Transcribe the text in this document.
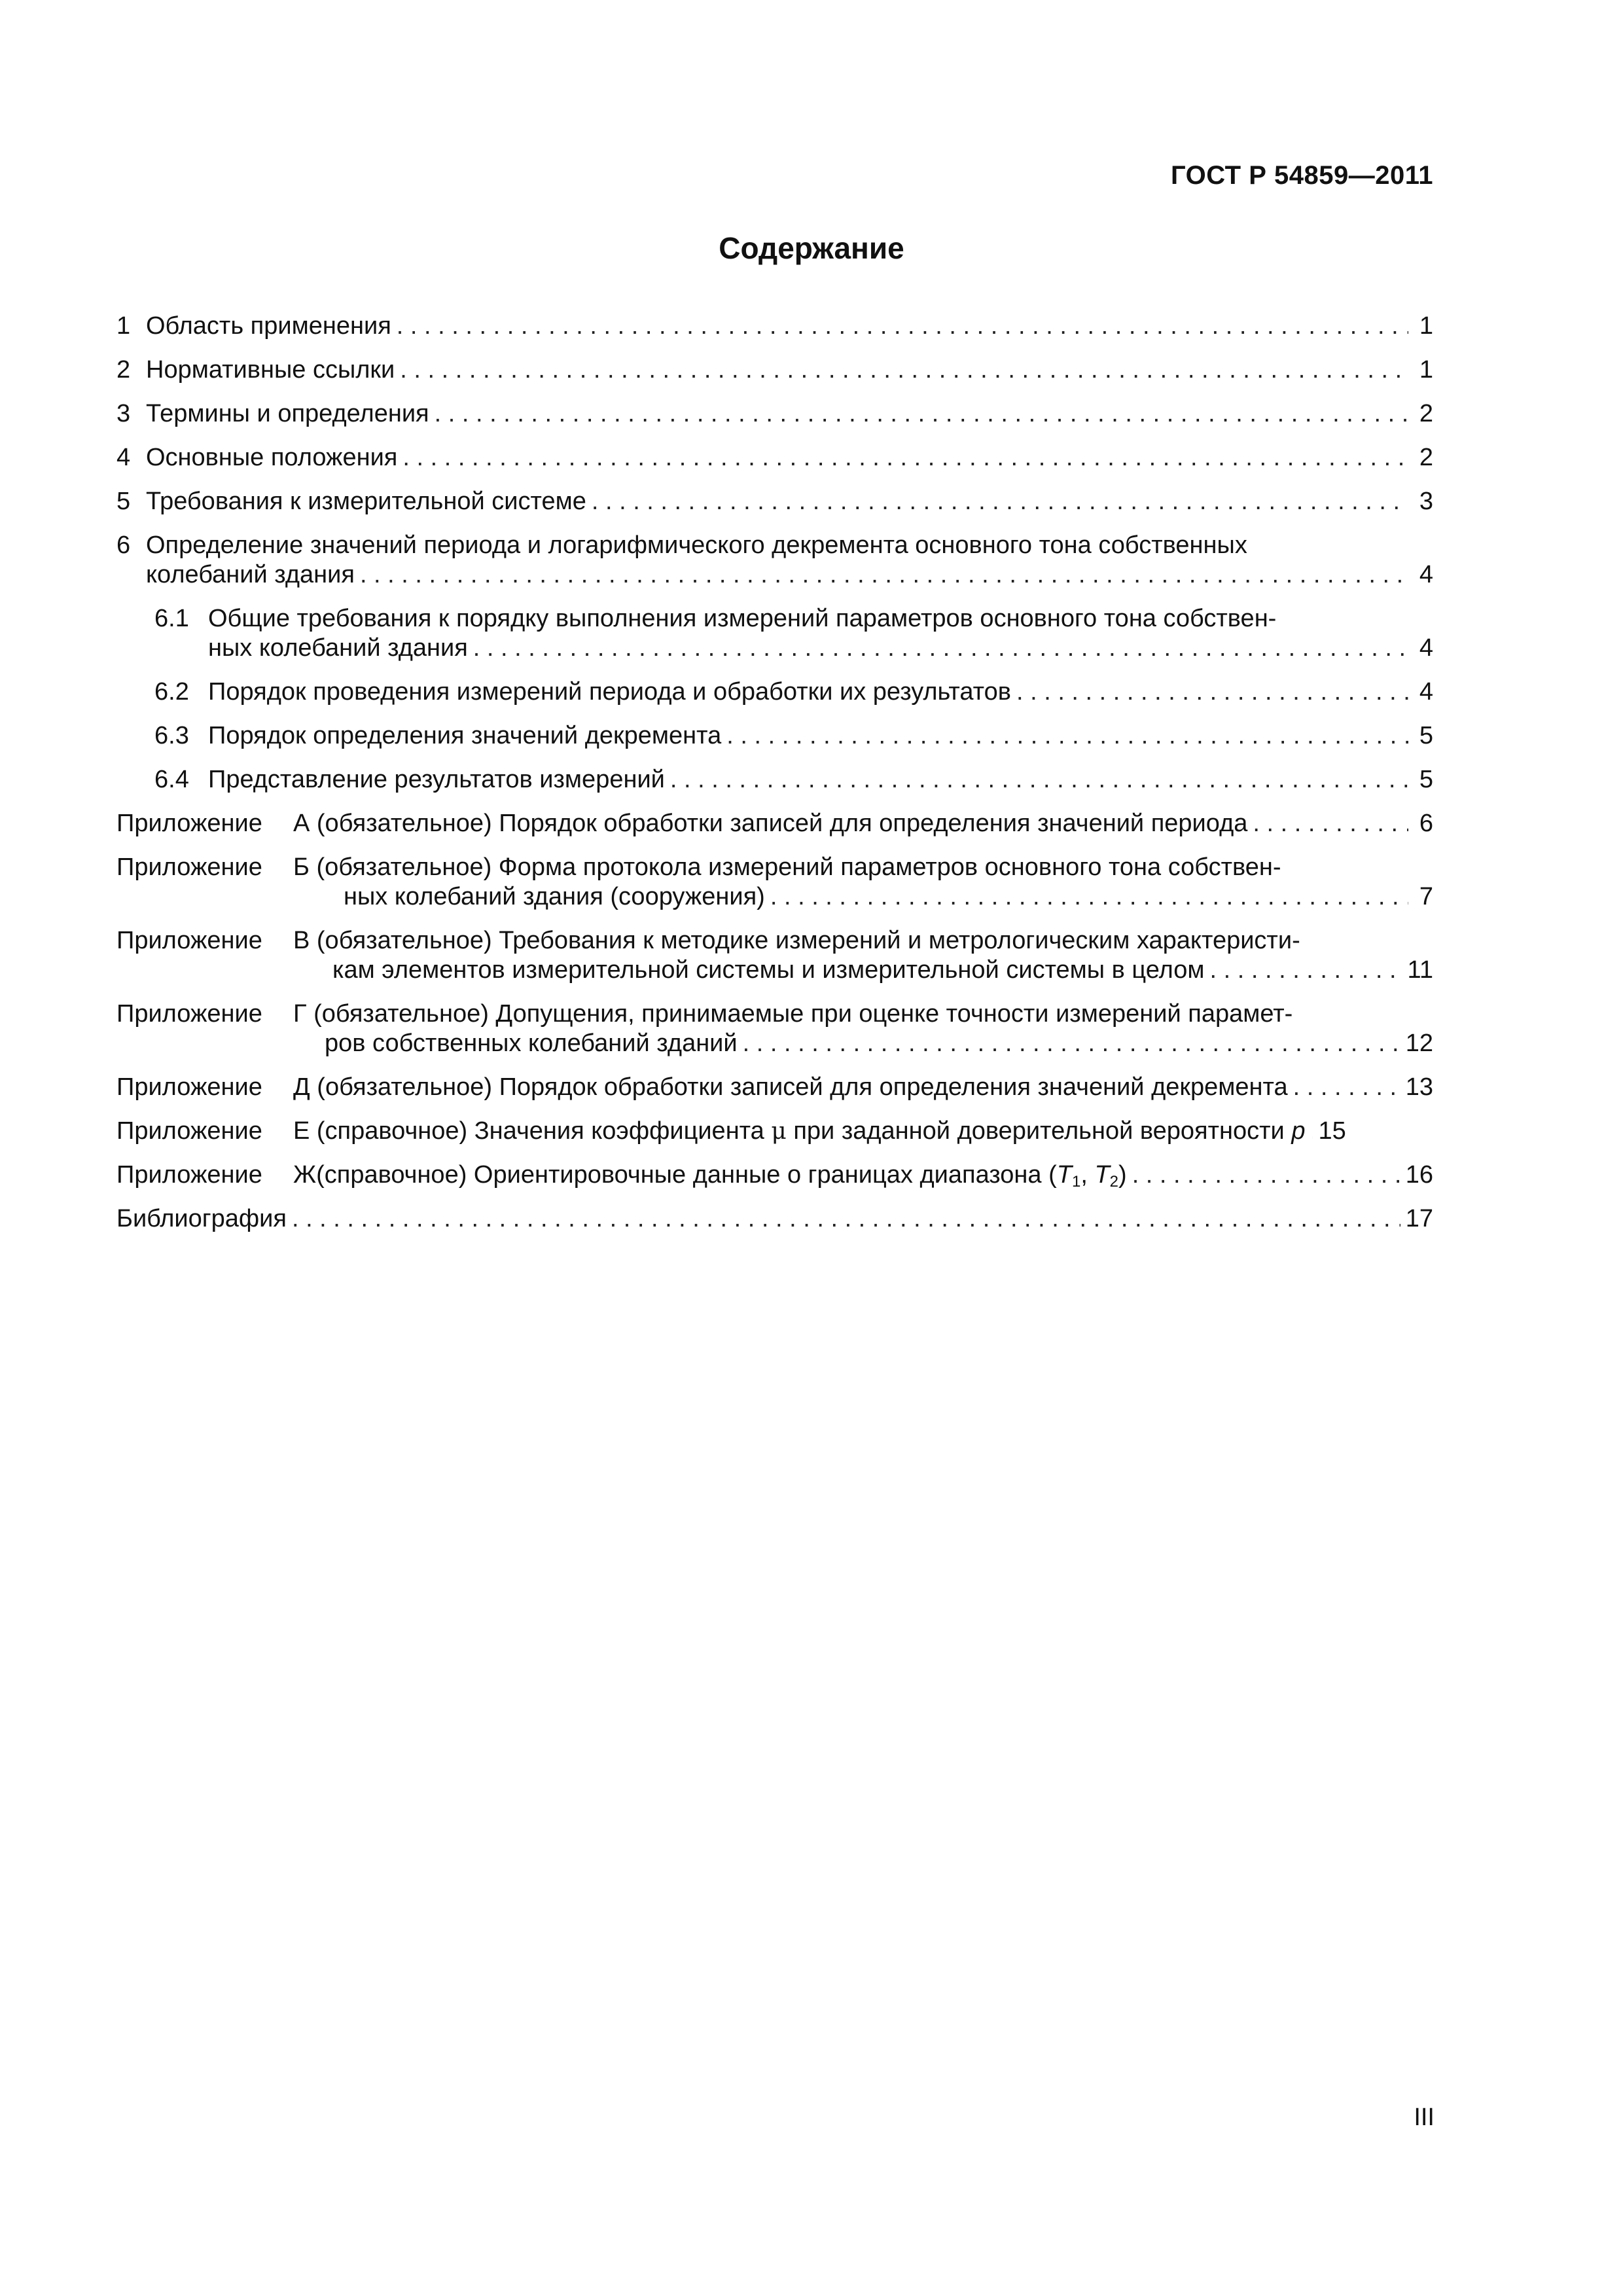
ГОСТ Р 54859—2011
Содержание
1 Область применения . . .	1
2 Нормативные ссылки . . .	1
3 Термины и определения . . .	2
4 Основные положения . . .	2
5 Требования к измерительной системе . . .	3
6 Определение значений периода и логарифмического декремента основного тона собственных
колебаний здания . . .	4
6.1 Общие требования к порядку выполнения измерений параметров основного тона собствен-
ных колебаний здания . . .	4
6.2 Порядок проведения измерений периода и обработки их результатов . . .	4
6.3 Порядок определения значений декремента . . .	5
6.4 Представление результатов измерений . . .	5
Приложение	А (обязательное) Порядок обработки записей для определения значений периода . . .	6
Приложение	Б (обязательное) Форма протокола измерений параметров основного тона собствен-
ных колебаний здания (сооружения) . . .	7
Приложение	В (обязательное) Требования к методике измерений и метрологическим характеристи-
кам элементов измерительной системы и измерительной системы в целом . . .	11
Приложение	Г (обязательное) Допущения, принимаемые при оценке точности измерений парамет-
ров собственных колебаний зданий . . .	12
Приложение	Д (обязательное) Порядок обработки записей для определения значений декремента . . .	13
Приложение	Е (справочное) Значения коэффициента μ при заданной доверительной вероятности p . . . 15
Приложение	Ж(справочное) Ориентировочные данные о границах диапазона ($T_1$, $T_2$) . . .	16
Библиография . . .	17
III
